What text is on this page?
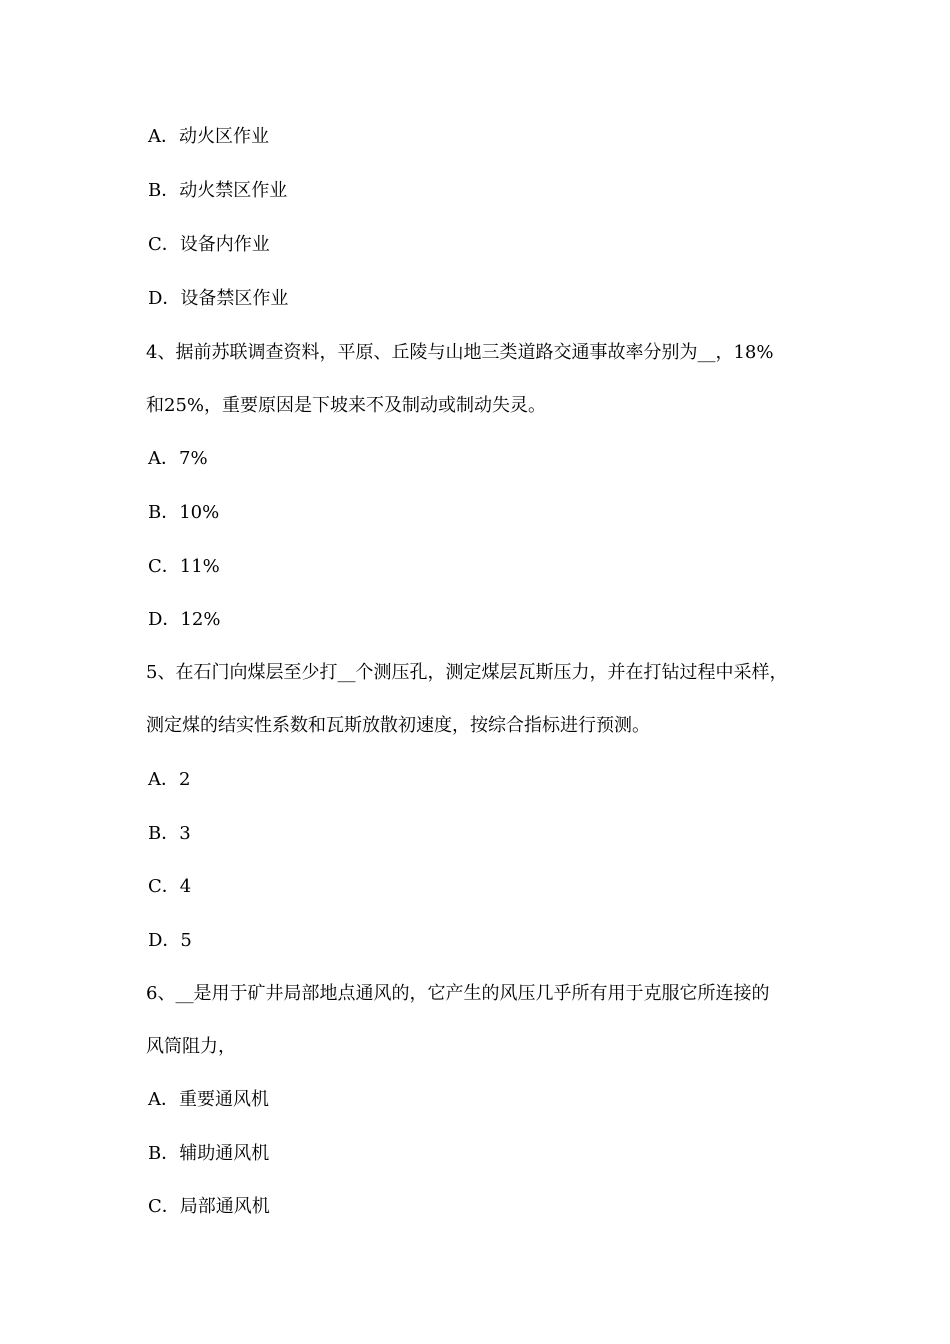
A．动火区作业

B．动火禁区作业

C．设备内作业

D．设备禁区作业

4、据前苏联调查资料，平原、丘陵与山地三类道路交通事故率分别为__，18%

和25%，重要原因是下坡来不及制动或制动失灵。

A．7%

B．10%

C．11%

D．12%

5、在石门向煤层至少打__个测压孔，测定煤层瓦斯压力，并在打钻过程中采样，

测定煤的结实性系数和瓦斯放散初速度，按综合指标进行预测。

A．2

B．3

C．4

D．5

6、__是用于矿井局部地点通风的，它产生的风压几乎所有用于克服它所连接的

风筒阻力，

A．重要通风机

B．辅助通风机

C．局部通风机
